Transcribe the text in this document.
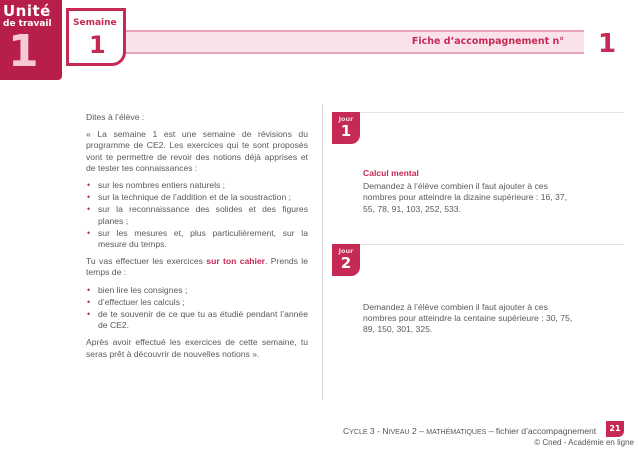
Unité
de travail
1
Semaine
1	Fiche d’accompagnement n°	1

Dites à l’élève :

« La semaine 1 est une semaine de révisions du programme de CE2. Les exercices qui te sont proposés vont te permettre de revoir des notions déjà apprises et de tester tes connaissances :

• sur les nombres entiers naturels ;
• sur la technique de l’addition et de la soustraction ;
• sur la reconnaissance des solides et des figures planes ;
• sur les mesures et, plus particulièrement, sur la mesure du temps.

Tu vas effectuer les exercices sur ton cahier. Prends le temps de :

• bien lire les consignes ;
• d’effectuer les calculs ;
• de te souvenir de ce que tu as étudié pendant l’année de CE2.

Après avoir effectué les exercices de cette semaine, tu seras prêt à découvrir de nouvelles notions ».

Jour
1
Calcul mental
Demandez à l’élève combien il faut ajouter à ces nombres pour atteindre la dizaine supérieure : 16, 37, 55, 78, 91, 103, 252, 533.
Jour
2
Demandez à l’élève combien il faut ajouter à ces nombres pour atteindre la centaine supérieure : 30, 75, 89, 150, 301, 325.
CYCLE 3 - NIVEAU 2 – MATHÉMATIQUES – fichier d’accompagnement	21
© Cned - Académie en ligne
